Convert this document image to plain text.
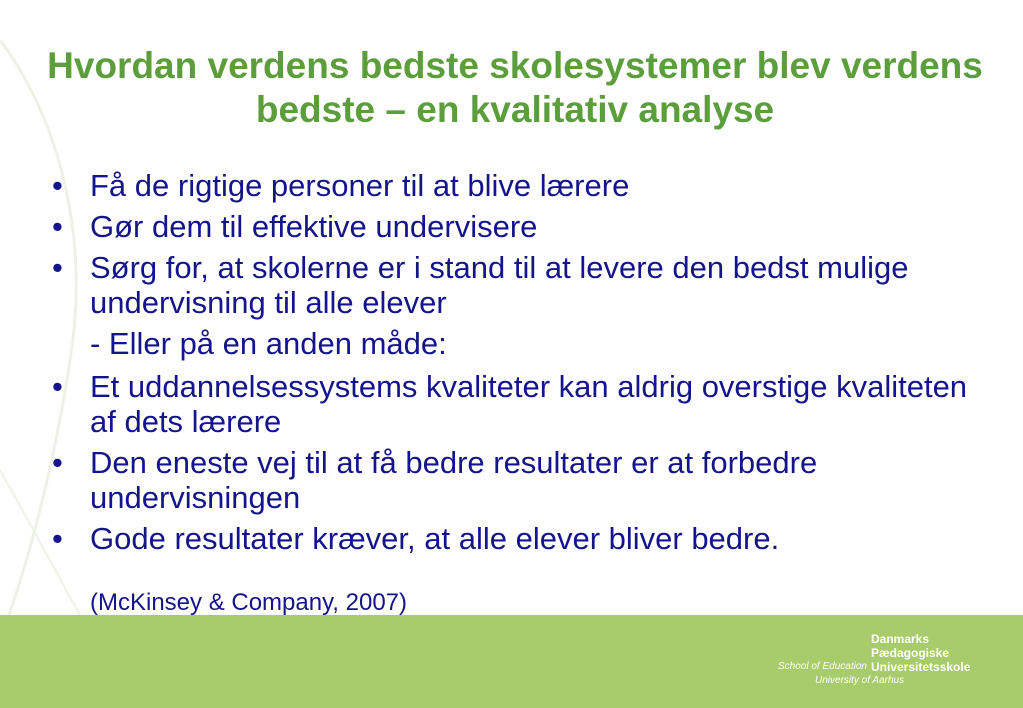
Hvordan verdens bedste skolesystemer blev verdens bedste – en kvalitativ analyse
• Få de rigtige personer til at blive lærere
• Gør dem til effektive undervisere
• Sørg for, at skolerne er i stand til at levere den bedst mulige undervisning til alle elever
- Eller på en anden måde:
• Et uddannelsessystems kvaliteter kan aldrig overstige kvaliteten af dets lærere
• Den eneste vej til at få bedre resultater er at forbedre undervisningen
• Gode resultater kræver, at alle elever bliver bedre.

(McKinsey & Company, 2007)

Danmarks
Pædagogiske
Universitetsskole
School of Education
University of Aarhus
